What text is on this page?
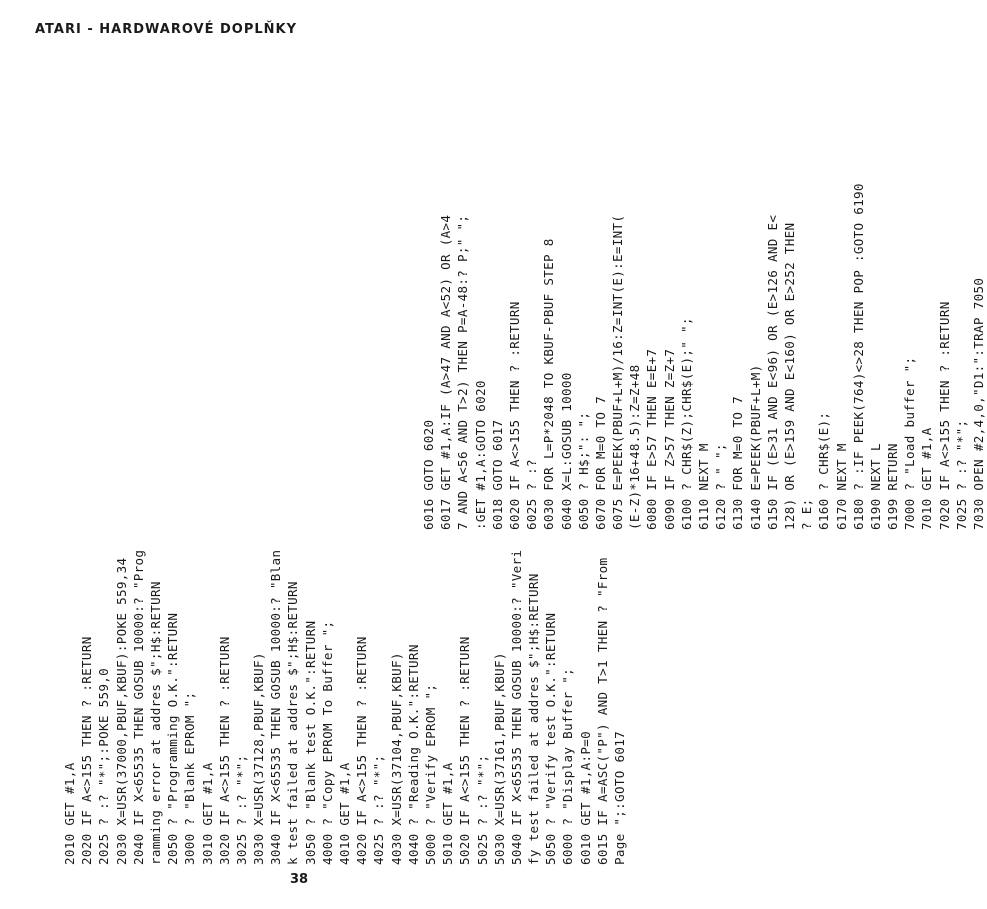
ATARI - HARDWAROVÉ DOPLŇKY
6016 GOTO 6020 6017 GET #1,A:IF (A>47 AND A<52) OR (A>4 7 AND A<56 AND T>2) THEN P=A-48:? P;" "; :GET #1,A:GOTO 6020 6018 GOTO 6017 6020 IF A<>155 THEN ? :RETURN 6025 ? :? 6030 FOR L=P*2048 TO KBUF-PBUF STEP 8 6040 X=L:GOSUB 10000 6050 ? H$;": "; 6070 FOR M=0 TO 7 6075 E=PEEK(PBUF+L+M)/16:Z=INT(E):E=INT( (E-Z)*16+48.5):Z=Z+48 6080 IF E>57 THEN E=E+7 6090 IF Z>57 THEN Z=Z+7 6100 ? CHR$(Z);CHR$(E);" "; 6110 NEXT M 6120 ? " "; 6130 FOR M=0 TO 7 6140 E=PEEK(PBUF+L+M) 6150 IF (E>31 AND E<96) OR (E>126 AND E< 128) OR (E>159 AND E<160) OR E>252 THEN ? E; 6160 ? CHR$(E); 6170 NEXT M 6180 ? :IF PEEK(764)<>28 THEN POP :GOTO 6190 6190 NEXT L 6199 RETURN 7000 ? "Load buffer "; 7010 GET #1,A 7020 IF A<>155 THEN ? :RETURN 7025 ? :? "*"; 7030 OPEN #2,4,0,"D1:":TRAP 7050
2010 GET #1,A 2020 IF A<>155 THEN ? :RETURN 2025 ? :? "*";:POKE 559,0 2030 X=USR(37000,PBUF,KBUF):POKE 559,34 2040 IF X<65535 THEN GOSUB 10000:? "Prog ramming error at addres $";H$:RETURN 2050 ? "Programming O.K.":RETURN 3000 ? "Blank EPROM "; 3010 GET #1,A 3020 IF A<>155 THEN ? :RETURN 3025 ? :? "*"; 3030 X=USR(37128,PBUF,KBUF) 3040 IF X<65535 THEN GOSUB 10000:? "Blan k test failed at addres $";H$:RETURN 3050 ? "Blank test O.K.":RETURN 4000 ? "Copy EPROM To Buffer "; 4010 GET #1,A 4020 IF A<>155 THEN ? :RETURN 4025 ? :? "*"; 4030 X=USR(37104,PBUF,KBUF) 4040 ? "Reading O.K.":RETURN 5000 ? "Verify EPROM "; 5010 GET #1,A 5020 IF A<>155 THEN ? :RETURN 5025 ? :? "*"; 5030 X=USR(37161,PBUF,KBUF) 5040 IF X<65535 THEN GOSUB 10000:? "Veri fy test failed at addres $";H$:RETURN 5050 ? "Verify test O.K.":RETURN 6000 ? "Display Buffer "; 6010 GET #1,A:P=0 6015 IF A=ASC("P") AND T>1 THEN ? "From Page ";:GOTO 6017
38
